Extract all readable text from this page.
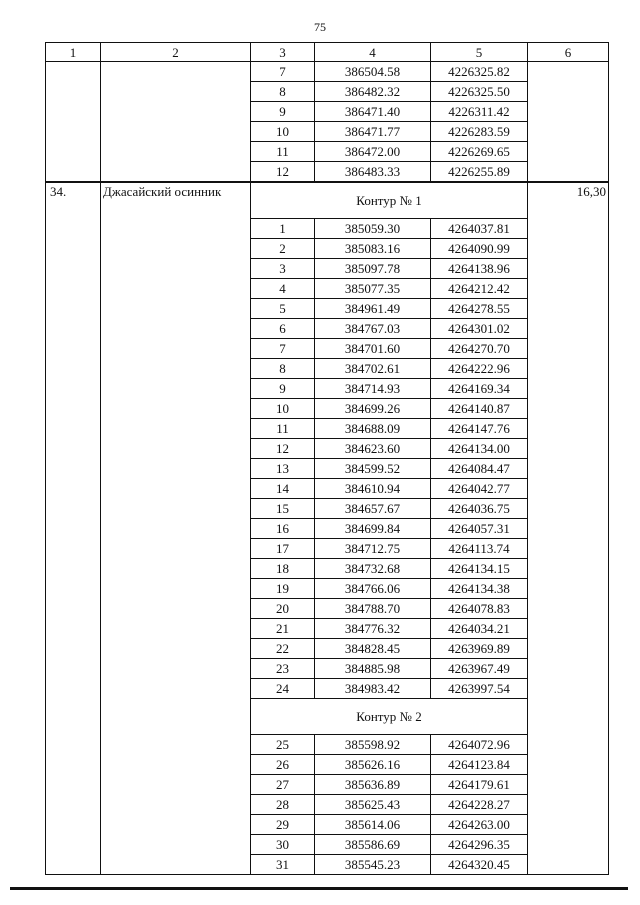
75
1	2	3	4	5	6
		7	386504.58	4226325.82	
		8	386482.32	4226325.50	
		9	386471.40	4226311.42	
		10	386471.77	4226283.59	
		11	386472.00	4226269.65	
		12	386483.33	4226255.89	
34.	Джасайский осинник	Контур № 1			16,30
		1	385059.30	4264037.81	
		2	385083.16	4264090.99	
		3	385097.78	4264138.96	
		4	385077.35	4264212.42	
		5	384961.49	4264278.55	
		6	384767.03	4264301.02	
		7	384701.60	4264270.70	
		8	384702.61	4264222.96	
		9	384714.93	4264169.34	
		10	384699.26	4264140.87	
		11	384688.09	4264147.76	
		12	384623.60	4264134.00	
		13	384599.52	4264084.47	
		14	384610.94	4264042.77	
		15	384657.67	4264036.75	
		16	384699.84	4264057.31	
		17	384712.75	4264113.74	
		18	384732.68	4264134.15	
		19	384766.06	4264134.38	
		20	384788.70	4264078.83	
		21	384776.32	4264034.21	
		22	384828.45	4263969.89	
		23	384885.98	4263967.49	
		24	384983.42	4263997.54	
		Контур № 2			
		25	385598.92	4264072.96	
		26	385626.16	4264123.84	
		27	385636.89	4264179.61	
		28	385625.43	4264228.27	
		29	385614.06	4264263.00	
		30	385586.69	4264296.35	
		31	385545.23	4264320.45	
